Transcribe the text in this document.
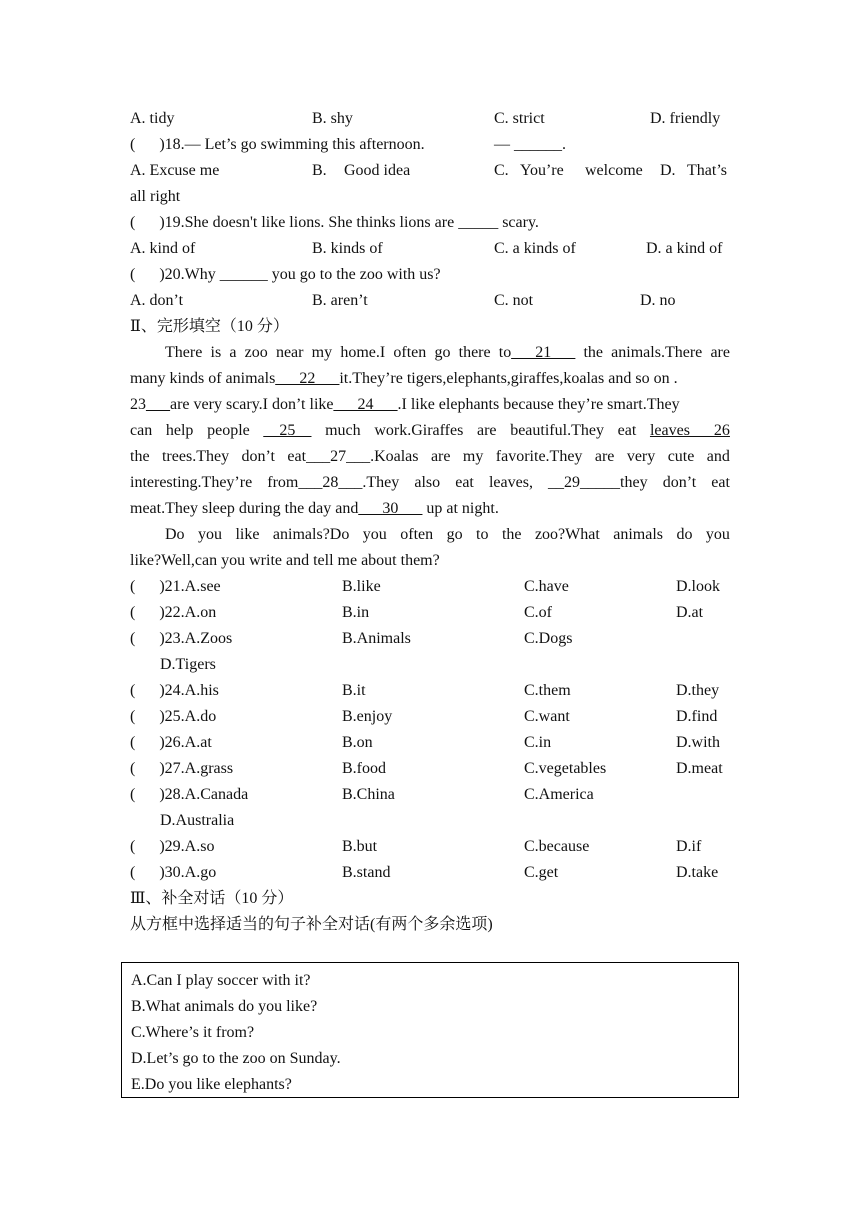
A. tidy	B. shy	C. strict	D. friendly
(      )18.— Let’s go swimming this afternoon.	— ______.
A. Excuse me	B. Good idea	C. You’re welcome D. That’s
all right
(      )19.She doesn't like lions. She thinks lions are _____ scary.
A. kind of	B. kinds of	C. a kinds of	D. a kind of
(      )20.Why ______ you go to the zoo with us?
A. don’t	B. aren’t	C. not	D. no
Ⅱ、完形填空（10 分）
There is a zoo near my home.I often go there to ___21___ the animals.There are
many kinds of animals___22___it.They’re tigers,elephants,giraffes,koalas and so on .
23___are very scary.I don’t like___24___.I like elephants because they’re smart.They
can help people __25__ much work.Giraffes are beautiful.They eat leaves___26
the trees.They don’t eat___27___.Koalas are my favorite.They are very cute and
interesting.They’re from___28___.They also eat leaves, __29_____they don’t eat
meat.They sleep during the day and___30___ up at night.
Do you like animals?Do you often go to the zoo?What animals do you
like?Well,can you write and tell me about them?
(      )21.A.see	B.like	C.have	D.look
(      )22.A.on	B.in	C.of	D.at
(      )23.A.Zoos	B.Animals	C.Dogs
D.Tigers
(      )24.A.his	B.it	C.them	D.they
(      )25.A.do	B.enjoy	C.want	D.find
(      )26.A.at	B.on	C.in	D.with
(      )27.A.grass	B.food	C.vegetables	D.meat
(      )28.A.Canada	B.China	C.America
D.Australia
(      )29.A.so	B.but	C.because	D.if
(      )30.A.go	B.stand	C.get	D.take
Ⅲ、补全对话（10 分）
从方框中选择适当的句子补全对话(有两个多余选项)
A.Can I play soccer with it?
B.What animals do you like?
C.Where’s it from?
D.Let’s go to the zoo on Sunday.
E.Do you like elephants?
